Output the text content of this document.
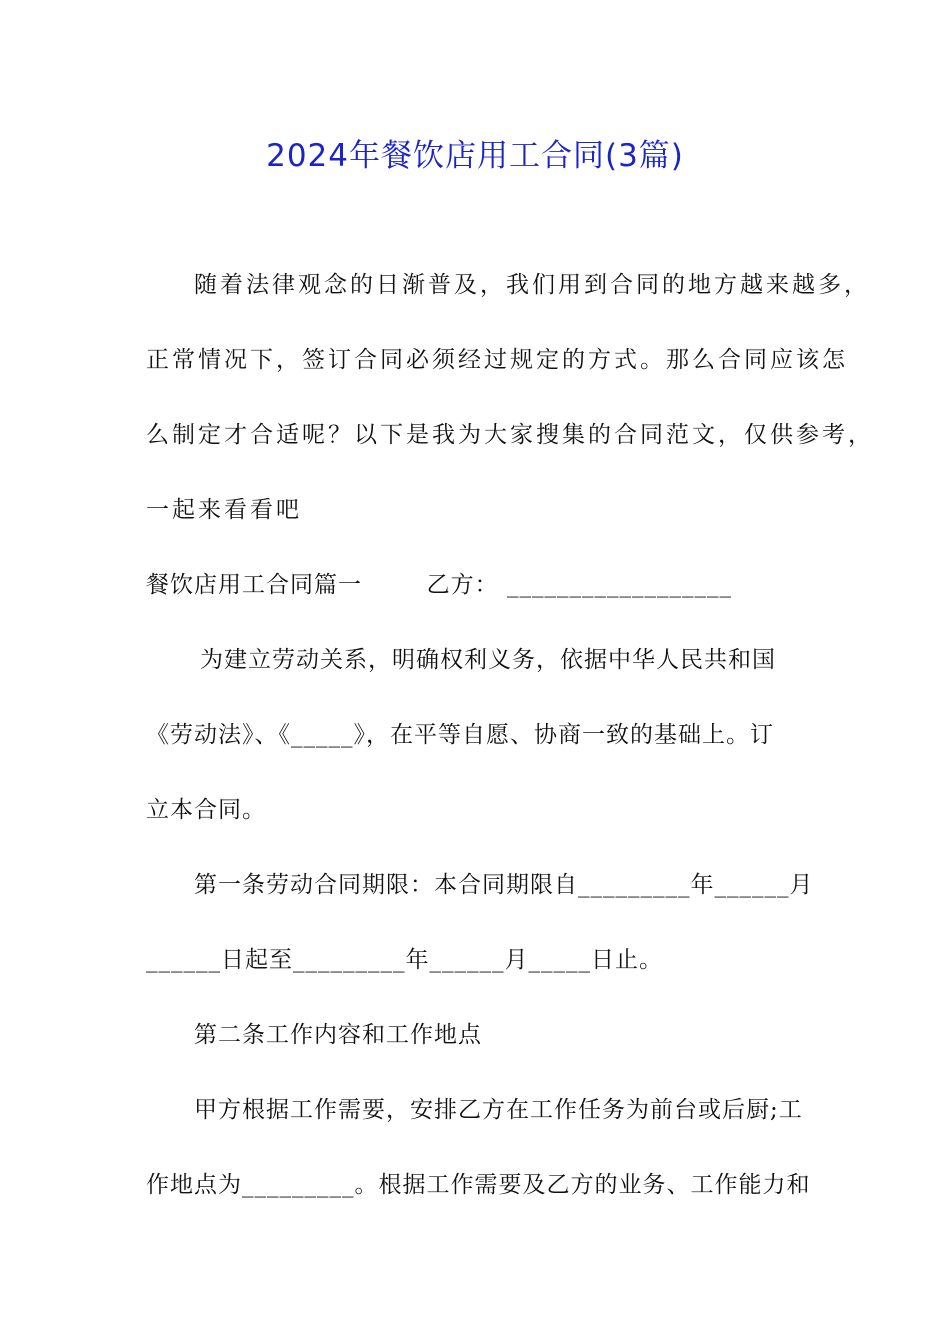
2024年餐饮店用工合同(3篇)
随着法律观念的日渐普及，我们用到合同的地方越来越多，
正常情况下，签订合同必须经过规定的方式。那么合同应该怎
么制定才合适呢？以下是我为大家搜集的合同范文，仅供参考，
一起来看看吧
餐饮店用工合同篇一	乙方： __________________
为建立劳动关系，明确权利义务，依据中华人民共和国
《劳动法》、《_____》，在平等自愿、协商一致的基础上。订
立本合同。
第一条劳动合同期限：本合同期限自_________年______月
______日起至_________年______月_____日止。
第二条工作内容和工作地点
甲方根据工作需要，安排乙方在工作任务为前台或后厨;工
作地点为_________。根据工作需要及乙方的业务、工作能力和
